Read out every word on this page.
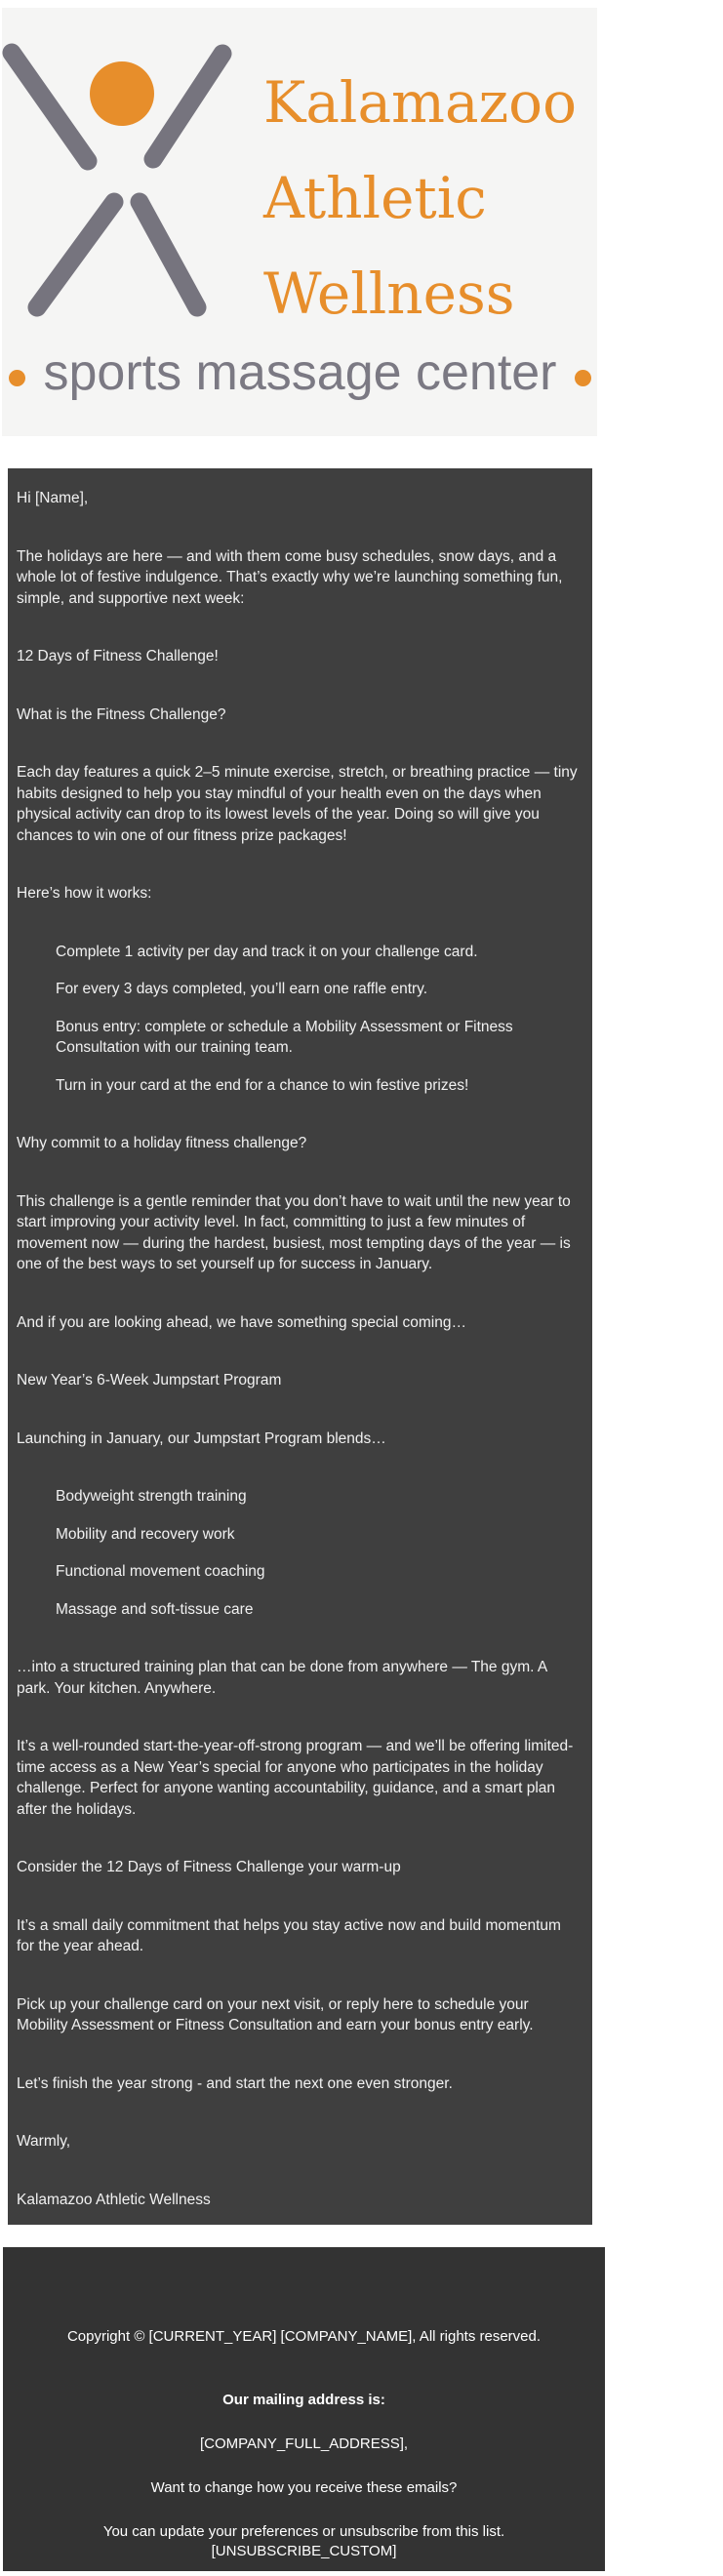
Kalamazoo
Athletic
Wellness
sports massage center

Hi [Name],

The holidays are here — and with them come busy schedules, snow days, and a whole lot of festive indulgence. That’s exactly why we’re launching something fun, simple, and supportive next week:

12 Days of Fitness Challenge!

What is the Fitness Challenge?

Each day features a quick 2–5 minute exercise, stretch, or breathing practice — tiny habits designed to help you stay mindful of your health even on the days when physical activity can drop to its lowest levels of the year. Doing so will give you chances to win one of our fitness prize packages!

Here’s how it works:

Complete 1 activity per day and track it on your challenge card.
For every 3 days completed, you’ll earn one raffle entry.
Bonus entry: complete or schedule a Mobility Assessment or Fitness Consultation with our training team.
Turn in your card at the end for a chance to win festive prizes!

Why commit to a holiday fitness challenge?

This challenge is a gentle reminder that you don’t have to wait until the new year to start improving your activity level. In fact, committing to just a few minutes of movement now — during the hardest, busiest, most tempting days of the year — is one of the best ways to set yourself up for success in January.

And if you are looking ahead, we have something special coming…

New Year’s 6-Week Jumpstart Program

Launching in January, our Jumpstart Program blends…

Bodyweight strength training
Mobility and recovery work
Functional movement coaching
Massage and soft-tissue care

…into a structured training plan that can be done from anywhere — The gym. A park. Your kitchen. Anywhere.

It’s a well-rounded start-the-year-off-strong program — and we’ll be offering limited-time access as a New Year’s special for anyone who participates in the holiday challenge. Perfect for anyone wanting accountability, guidance, and a smart plan after the holidays.

Consider the 12 Days of Fitness Challenge your warm-up

It’s a small daily commitment that helps you stay active now and build momentum for the year ahead.

Pick up your challenge card on your next visit, or reply here to schedule your Mobility Assessment or Fitness Consultation and earn your bonus entry early.

Let’s finish the year strong - and start the next one even stronger.

Warmly,

Kalamazoo Athletic Wellness

Copyright © [CURRENT_YEAR] [COMPANY_NAME], All rights reserved.
Our mailing address is:
[COMPANY_FULL_ADDRESS],
Want to change how you receive these emails?
You can update your preferences or unsubscribe from this list.
[UNSUBSCRIBE_CUSTOM]
